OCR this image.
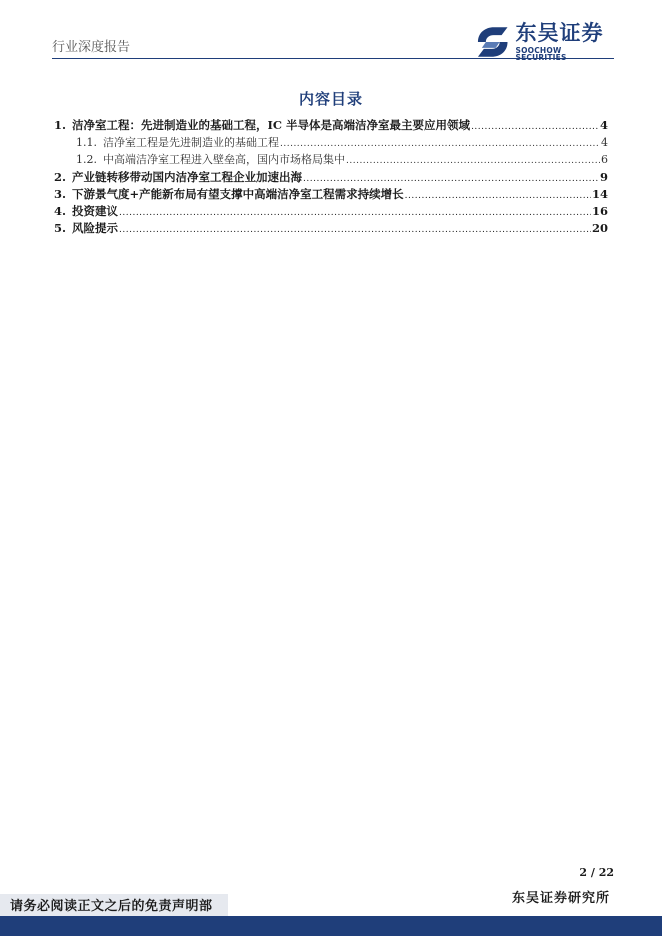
行业深度报告
东吴证券
SOOCHOW SECURITIES
内容目录
1. 洁净室工程：先进制造业的基础工程，IC 半导体是高端洁净室最主要应用领域 .....	4
1.1. 洁净室工程是先进制造业的基础工程 .....	4
1.2. 中高端洁净室工程进入壁垒高，国内市场格局集中 .....	6
2. 产业链转移带动国内洁净室工程企业加速出海 .....	9
3. 下游景气度+产能新布局有望支撑中高端洁净室工程需求持续增长 .....	14
4. 投资建议 .....	16
5. 风险提示 .....	20
2 / 22
东吴证券研究所
请务必阅读正文之后的免责声明部
